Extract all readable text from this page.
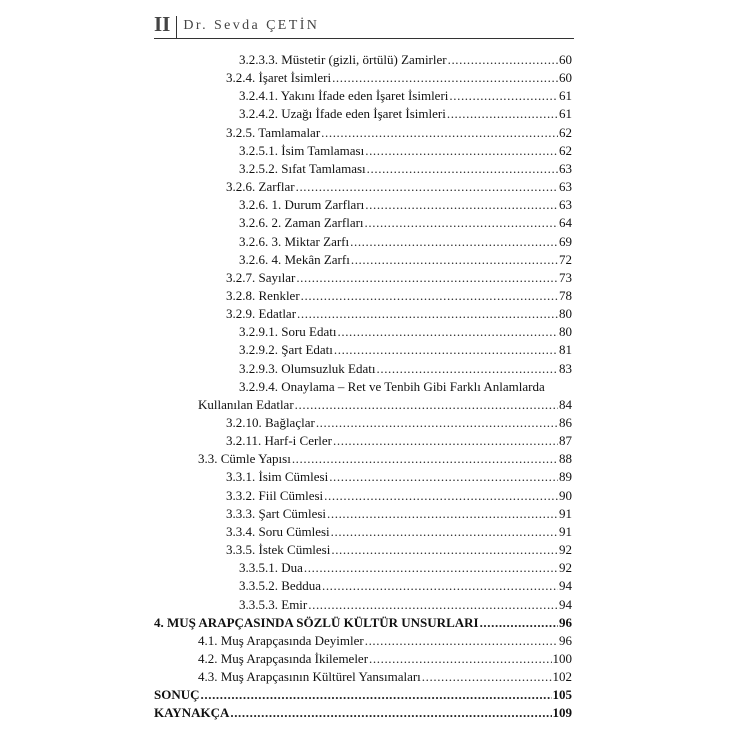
II Dr. Sevda ÇETİN
3.2.3.3. Müstetir (gizli, örtülü) Zamirler .....	60
3.2.4. İşaret İsimleri .....	60
3.2.4.1. Yakını İfade eden İşaret İsimleri .....	61
3.2.4.2. Uzağı İfade eden İşaret İsimleri .....	61
3.2.5. Tamlamalar .....	62
3.2.5.1. İsim Tamlaması .....	62
3.2.5.2. Sıfat Tamlaması .....	63
3.2.6. Zarflar .....	63
3.2.6. 1. Durum Zarfları .....	63
3.2.6. 2. Zaman Zarfları .....	64
3.2.6. 3. Miktar Zarfı .....	69
3.2.6. 4. Mekân Zarfı .....	72
3.2.7. Sayılar .....	73
3.2.8. Renkler .....	78
3.2.9. Edatlar .....	80
3.2.9.1. Soru Edatı .....	80
3.2.9.2. Şart Edatı .....	81
3.2.9.3. Olumsuzluk Edatı .....	83
3.2.9.4. Onaylama – Ret ve Tenbih Gibi Farklı Anlamlarda
Kullanılan Edatlar .....	84
3.2.10. Bağlaçlar .....	86
3.2.11. Harf-i Cerler .....	87
3.3. Cümle Yapısı .....	88
3.3.1. İsim Cümlesi .....	89
3.3.2. Fiil Cümlesi .....	90
3.3.3. Şart Cümlesi .....	91
3.3.4. Soru Cümlesi .....	91
3.3.5. İstek Cümlesi .....	92
3.3.5.1. Dua .....	92
3.3.5.2. Beddua .....	94
3.3.5.3. Emir .....	94
4. MUŞ ARAPÇASINDA SÖZLÜ KÜLTÜR UNSURLARI .....	96
4.1. Muş Arapçasında Deyimler .....	96
4.2. Muş Arapçasında İkilemeler .....	100
4.3. Muş Arapçasının Kültürel Yansımaları .....	102
SONUÇ .....	105
KAYNAKÇA .....	109
